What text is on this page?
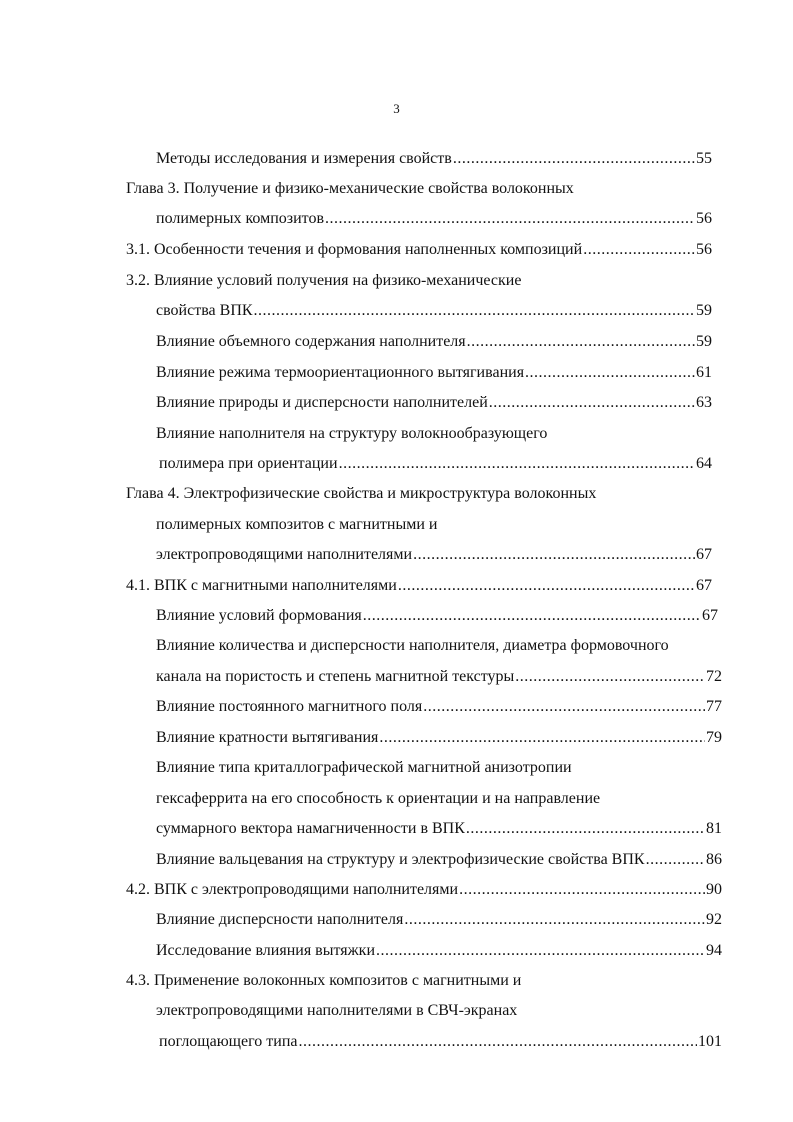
3
Методы исследования и измерения свойств .....	55
Глава 3. Получение и физико-механические свойства волоконных
полимерных композитов .....	56
3.1. Особенности течения и формования наполненных композиций .....	56
3.2. Влияние условий получения на физико-механические
свойства ВПК .....	59
Влияние объемного содержания наполнителя .....	59
Влияние режима термоориентационного вытягивания .....	61
Влияние природы и дисперсности наполнителей .....	63
Влияние наполнителя на структуру волокнообразующего
полимера при ориентации .....	64
Глава 4. Электрофизические свойства и микроструктура волоконных
полимерных композитов с магнитными и
электропроводящими наполнителями .....	67
4.1. ВПК с магнитными наполнителями .....	67
Влияние условий формования .....	67
Влияние количества и дисперсности наполнителя, диаметра формовочного
канала на пористость и степень магнитной текстуры .....	72
Влияние постоянного магнитного поля .....	77
Влияние кратности вытягивания .....	79
Влияние типа криталлографической магнитной анизотропии
гексаферрита на его способность к ориентации и на направление
суммарного вектора намагниченности в ВПК .....	81
Влияние вальцевания на структуру и электрофизические свойства ВПК .....	86
4.2. ВПК с электропроводящими наполнителями .....	90
Влияние дисперсности наполнителя .....	92
Исследование влияния вытяжки .....	94
4.3. Применение волоконных композитов с магнитными и
электропроводящими наполнителями в СВЧ-экранах
поглощающего типа .....	101
